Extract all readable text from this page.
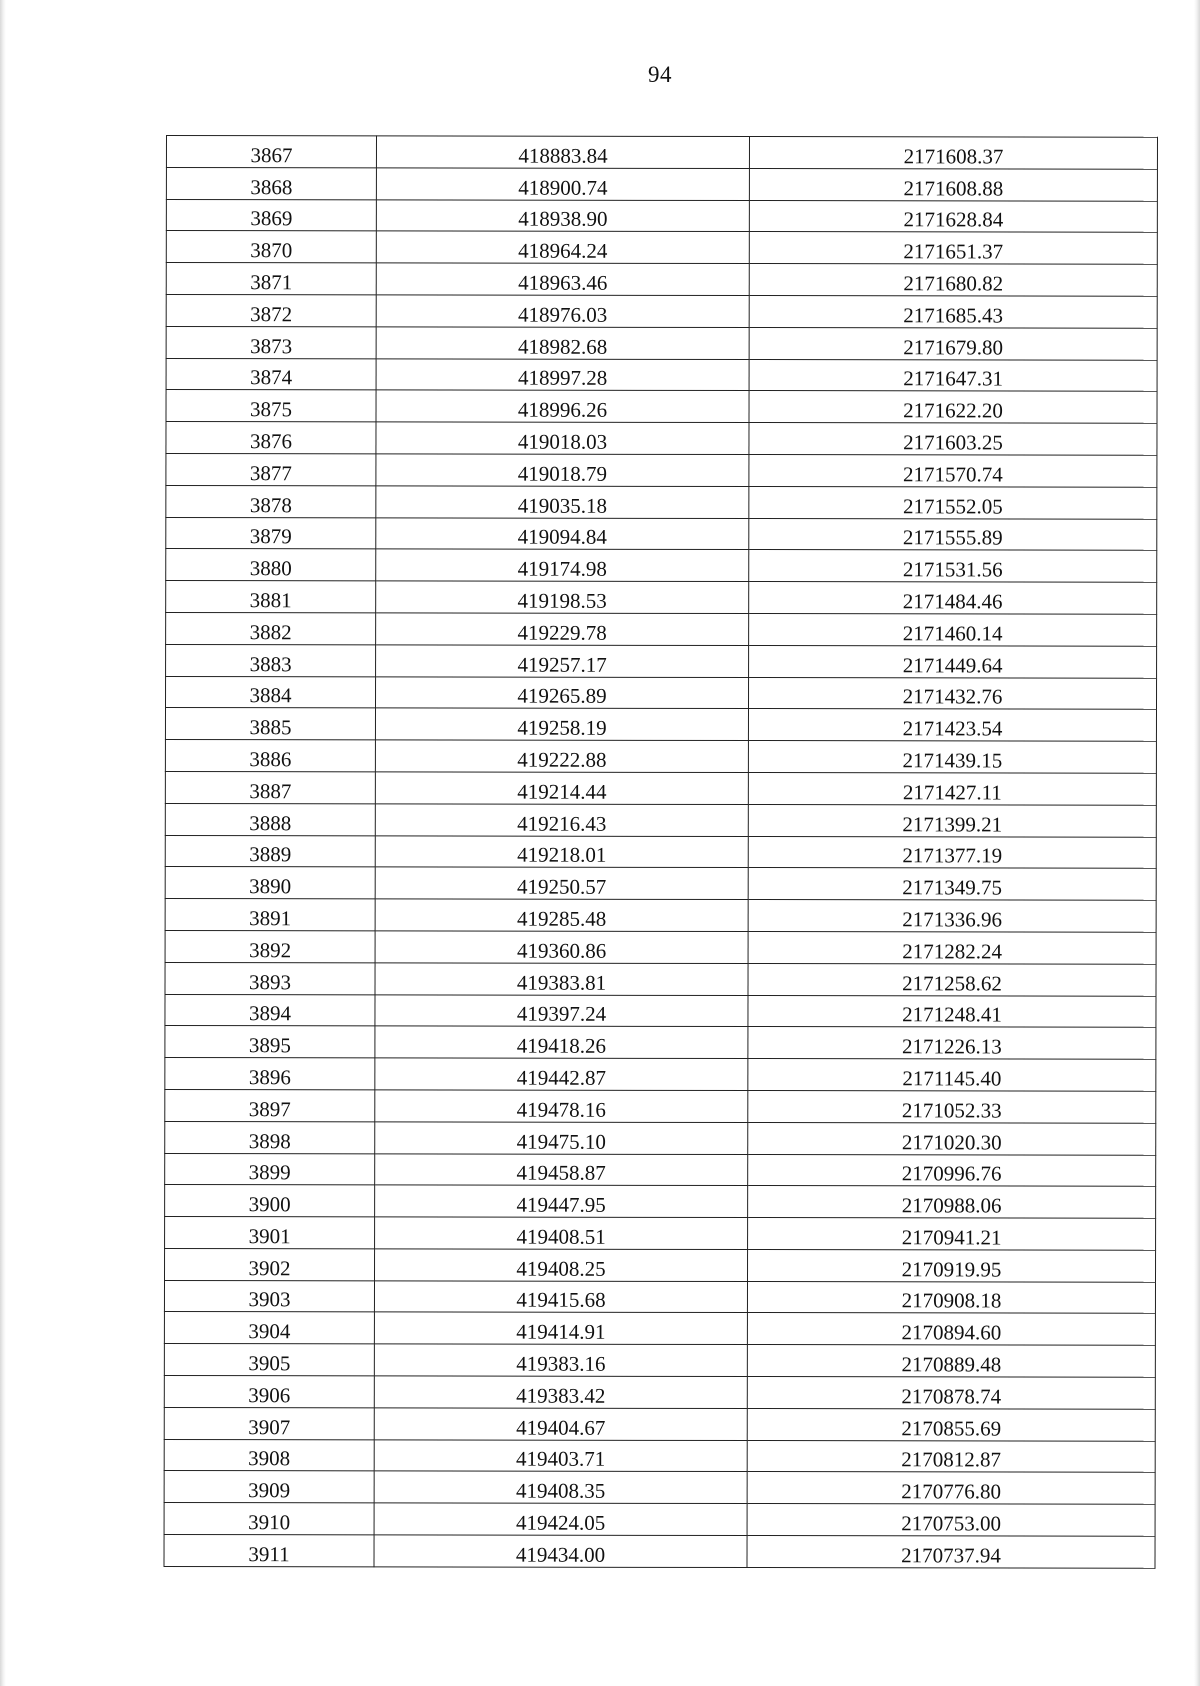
94
3867	418883.84	2171608.37
3868	418900.74	2171608.88
3869	418938.90	2171628.84
3870	418964.24	2171651.37
3871	418963.46	2171680.82
3872	418976.03	2171685.43
3873	418982.68	2171679.80
3874	418997.28	2171647.31
3875	418996.26	2171622.20
3876	419018.03	2171603.25
3877	419018.79	2171570.74
3878	419035.18	2171552.05
3879	419094.84	2171555.89
3880	419174.98	2171531.56
3881	419198.53	2171484.46
3882	419229.78	2171460.14
3883	419257.17	2171449.64
3884	419265.89	2171432.76
3885	419258.19	2171423.54
3886	419222.88	2171439.15
3887	419214.44	2171427.11
3888	419216.43	2171399.21
3889	419218.01	2171377.19
3890	419250.57	2171349.75
3891	419285.48	2171336.96
3892	419360.86	2171282.24
3893	419383.81	2171258.62
3894	419397.24	2171248.41
3895	419418.26	2171226.13
3896	419442.87	2171145.40
3897	419478.16	2171052.33
3898	419475.10	2171020.30
3899	419458.87	2170996.76
3900	419447.95	2170988.06
3901	419408.51	2170941.21
3902	419408.25	2170919.95
3903	419415.68	2170908.18
3904	419414.91	2170894.60
3905	419383.16	2170889.48
3906	419383.42	2170878.74
3907	419404.67	2170855.69
3908	419403.71	2170812.87
3909	419408.35	2170776.80
3910	419424.05	2170753.00
3911	419434.00	2170737.94
